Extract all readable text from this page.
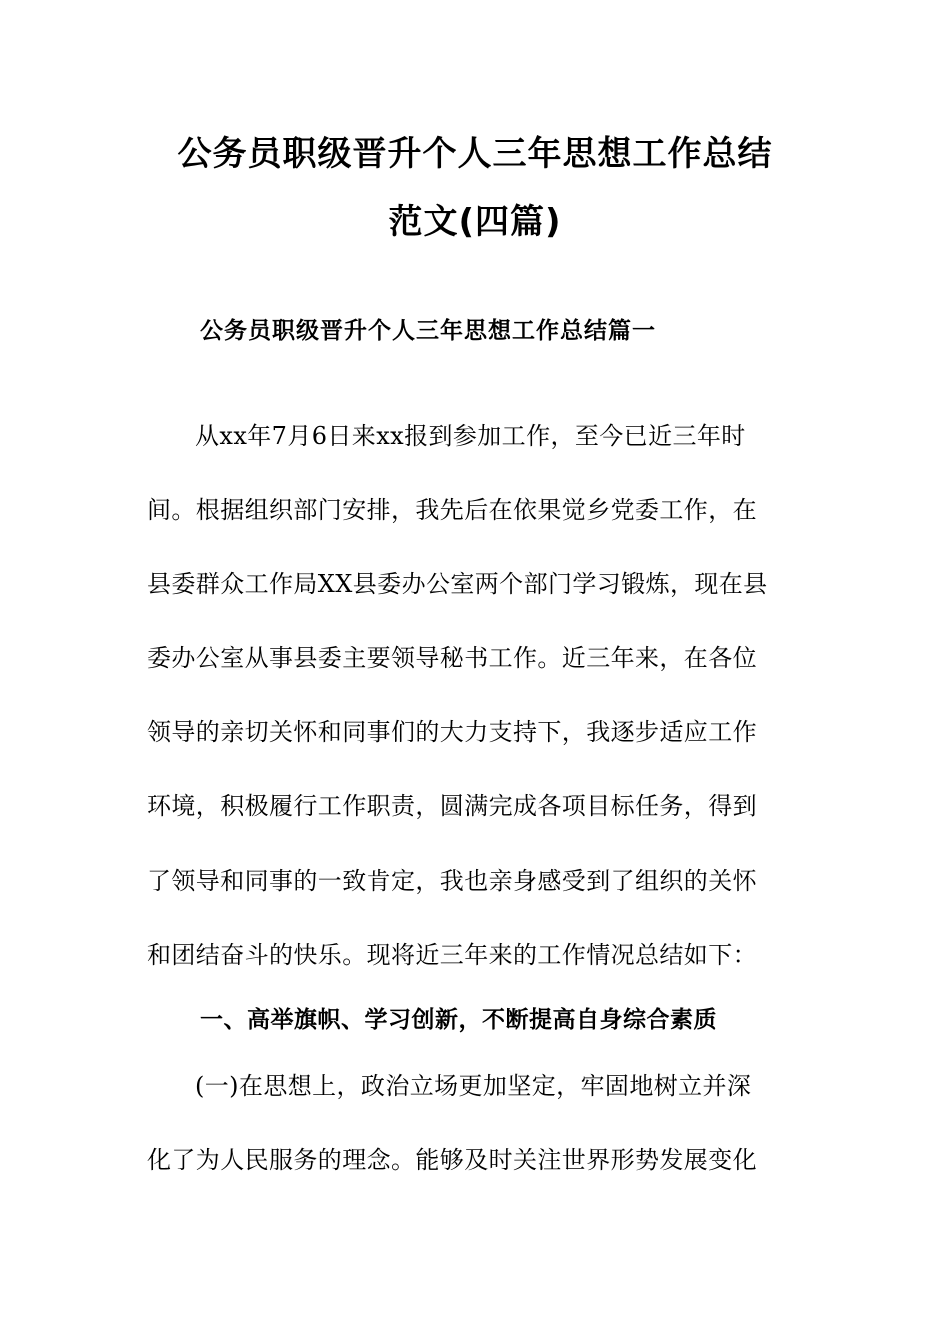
公务员职级晋升个人三年思想工作总结
范文(四篇)
公务员职级晋升个人三年思想工作总结篇一
从xx年7月6日来xx报到参加工作，至今已近三年时
间。根据组织部门安排，我先后在依果觉乡党委工作，在
县委群众工作局XX县委办公室两个部门学习锻炼，现在县
委办公室从事县委主要领导秘书工作。近三年来，在各位
领导的亲切关怀和同事们的大力支持下，我逐步适应工作
环境，积极履行工作职责，圆满完成各项目标任务，得到
了领导和同事的一致肯定，我也亲身感受到了组织的关怀
和团结奋斗的快乐。现将近三年来的工作情况总结如下：
一、高举旗帜、学习创新，不断提高自身综合素质
(一)在思想上，政治立场更加坚定，牢固地树立并深
化了为人民服务的理念。能够及时关注世界形势发展变化
